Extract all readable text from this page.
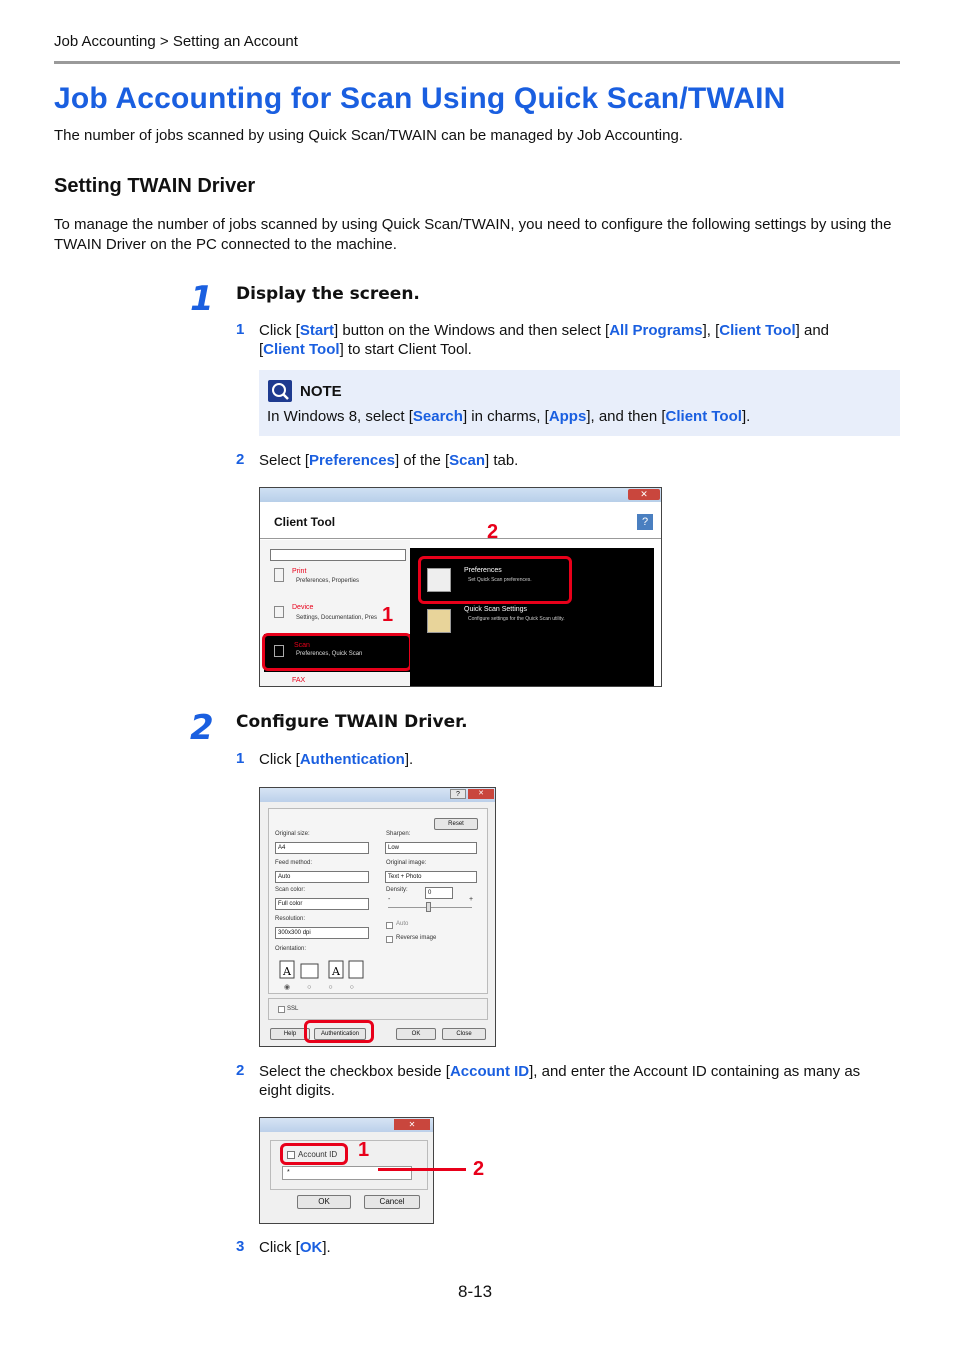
Job Accounting > Setting an Account
Job Accounting for Scan Using Quick Scan/TWAIN
The number of jobs scanned by using Quick Scan/TWAIN can be managed by Job Accounting.
Setting TWAIN Driver
To manage the number of jobs scanned by using Quick Scan/TWAIN, you need to configure the following settings by using the TWAIN Driver on the PC connected to the machine.
1 Display the screen.
1 Click [Start] button on the Windows and then select [All Programs], [Client Tool] and
[Client Tool] to start Client Tool.
NOTE
In Windows 8, select [Search] in charms, [Apps], and then [Client Tool].
2 Select [Preferences] of the [Scan] tab.
✕
Client Tool	?
Print
Preferences, Properties
Device
Settings, Documentation, Pres
Scan
Preferences, Quick Scan
FAX
1
Preferences
Set Quick Scan preferences.
2
Quick Scan Settings
Configure settings for the Quick Scan utility.
2 Configure TWAIN Driver.
1 Click [Authentication].
?	✕
Reset
Original size:
A4
Feed method:
Auto
Scan color:
Full color
Resolution:
300x300 dpi
Orientation:
A	A
◉○○○
Sharpen:
Low
Original image:
Text + Photo
Density:	0
-	+
Auto
Reverse image
SSL
Help	Authentication	OK	Close
2 Select the checkbox beside [Account ID], and enter the Account ID containing as many as
eight digits.
✕
Account ID
*
OK	Cancel
1
2
3 Click [OK].
8-13
